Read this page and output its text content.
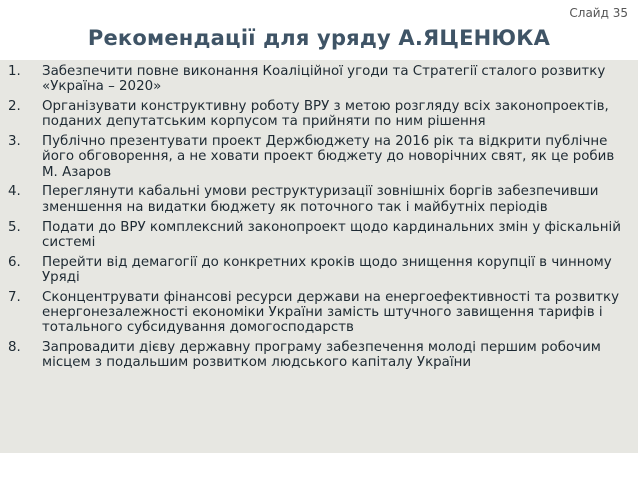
Слайд 35
Рекомендації для уряду А.ЯЦЕНЮКА
1.	Забезпечити повне виконання Коаліційної угоди та Стратегії сталого розвитку «Україна – 2020»
2.	Організувати конструктивну роботу ВРУ з метою розгляду всіх законопроектів, поданих депутатським корпусом та прийняти по ним рішення
3.	Публічно презентувати проект Держбюджету на 2016 рік та відкрити публічне його обговорення, а не ховати проект бюджету до новорічних свят, як це робив М. Азаров
4.	Переглянути кабальні умови реструктуризації зовнішніх боргів забезпечивши зменшення на видатки бюджету як поточного так і майбутніх періодів
5.	Подати до ВРУ комплексний законопроект щодо кардинальних змін у фіскальній системі
6.	Перейти від демагогії до конкретних кроків щодо знищення корупції в чинному Уряді
7.	Сконцентрувати фінансові ресурси держави на енергоефективності та розвитку енергонезалежності економіки України замість штучного завищення тарифів і тотального субсидування домогосподарств
8.	Запровадити дієву державну програму забезпечення молоді першим робочим місцем з подальшим розвитком людського капіталу України
